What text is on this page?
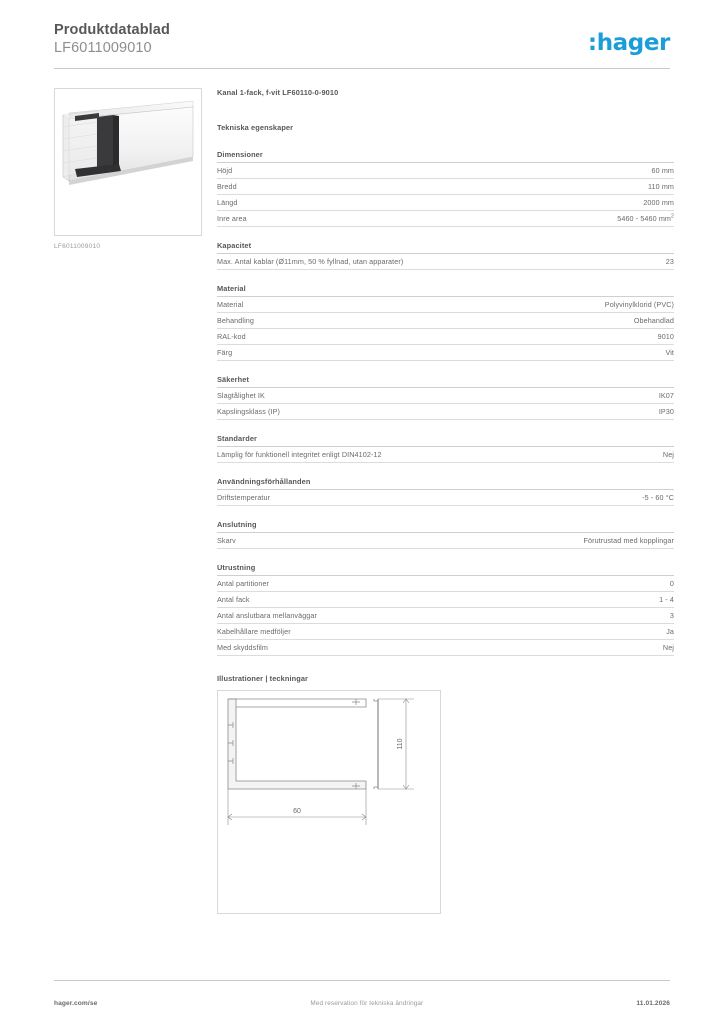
Produktdatablad
LF6011009010	:hager
LF6011009010
Kanal 1-fack, f-vit LF60110-0-9010
Tekniska egenskaper
Dimensioner
Höjd	60 mm
Bredd	110 mm
Längd	2000 mm
Inre area	5460 - 5460 $mm^2$
Kapacitet
Max. Antal kablar (Ø11mm, 50 % fyllnad, utan apparater)	23
Material
Material	Polyvinylklorid (PVC)
Behandling	Obehandlad
RAL-kod	9010
Färg	Vit
Säkerhet
Slagtålighet IK	IK07
Kapslingsklass (IP)	IP30
Standarder
Lämplig för funktionell integritet enligt DIN4102-12	Nej
Användningsförhållanden
Driftstemperatur	-5 - 60 °C
Anslutning
Skarv	Förutrustad med kopplingar
Utrustning
Antal partitioner	0
Antal fack	1 - 4
Antal anslutbara mellanväggar	3
Kabelhållare medföljer	Ja
Med skyddsfilm	Nej
Illustrationer | teckningar
110
60
hager.com/se	Med reservation för tekniska ändringar	11.01.2026
